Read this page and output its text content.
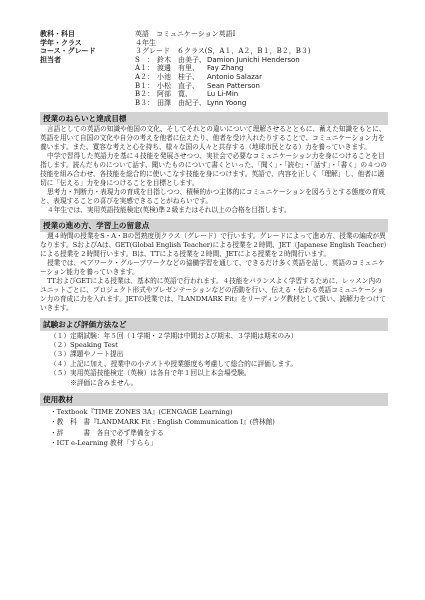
教科・科目	英語　コミュニケーション英語Ⅰ
学年・クラス	４年生
コース・グレード	３グレード　６クラス(S，A１，A２，B１，B２，B３)
担当者	S　： 鈴木　由美子、 Damion Junichi Henderson
A１： 渡邊　有里、	Fay Zhang
A２： 小池　桂子、	Antonio Salazar
B１： 小松　直子、	Sean Patterson
B２： 阿部　寛、	Lu Li-Min
B３： 田澤　由紀子、 Lynn Yoong
授業のねらいと達成目標

言語としての英語の知識や他国の文化、そしてそれとの違いについて理解させるとともに、蓄えた知識をもとに、英語を用いて自国の文化や自分の考えを他者に伝えたり、他者を受け入れたりすることで、コミュニケーション力を養います。また、寛容な考えと心を持ち、様々な国の人々と共存する（地球市民となる）力を養っていきます。

中学で習得した英語力を基に４技能を発展させつつ、実社会で必要なコミュニケーション力を身につけることを目指します。読んだものについて話す、聞いたものについて書くといった、「聞く」・「読む」・「話す」・「書く」の４つの技能を組み合わせ、各技能を総合的に使いこなす技能を身につけます。英語で、内容を正しく「理解」し、他者に適切に「伝える」力を身につけることを目標とします。

思考力・判断力・表現力の育成を目指しつつ、積極的かつ主体的にコミュニケーションを図ろうとする態度の育成と、表現することの喜びを実感できることがねらいです。

４年生では、実用英語技能検定(英検)準２級またはそれ以上の合格を目指します。

授業の進め方、学習上の留意点

週４時間の授業をS・A・Bの習熟度別クラス（グレード）で行います。グレードによって進め方、授業の編成が異なります。SおよびAは、GET(Global English Teacher)による授業を２時間、JET（Japanese English Teacher）による授業を２時間行います。Bは、TTによる授業を２時間、JETによる授業を２時間行います。

授業では、ペアワーク・グループワークなどの協働学習を通して、できるだけ多く英語を話し、英語のコミュニケーション能力を養っていきます。

TTおよびGETによる授業は、基本的に英語で行われます。４技能をバランスよく学習するために、レッスン内のユニットごとに、プロジェクト形式やプレゼンテーションなどの活動を行い、伝える・伝わる英語コミュニケーション力の育成に力を入れます。JETの授業では、『LANDMARK Fit』をリーディング教材として扱い、読解力をつけていきます。

試験および評価方法など
（１）定期試験：年５回（１学期・２学期は中間および期末、３学期は期末のみ）
（２）Speaking Test
（３）課題やノート提出
（４）上記に加え、授業中の小テストや授業態度も考慮して総合的に評価します。
（５）実用英語技能検定（英検）は各自で年１回以上本会場受験。
　　　※評価に含みません。
使用教材
・Textbook『TIME ZONES 3A』(CENGAGE Learning)
・教　科　書『LANDMARK Fit : English Communication Ⅰ』(啓林館)
・辞　　　書　各自で必ず準備をする
・ICT e-Learning 教材「すらら」
